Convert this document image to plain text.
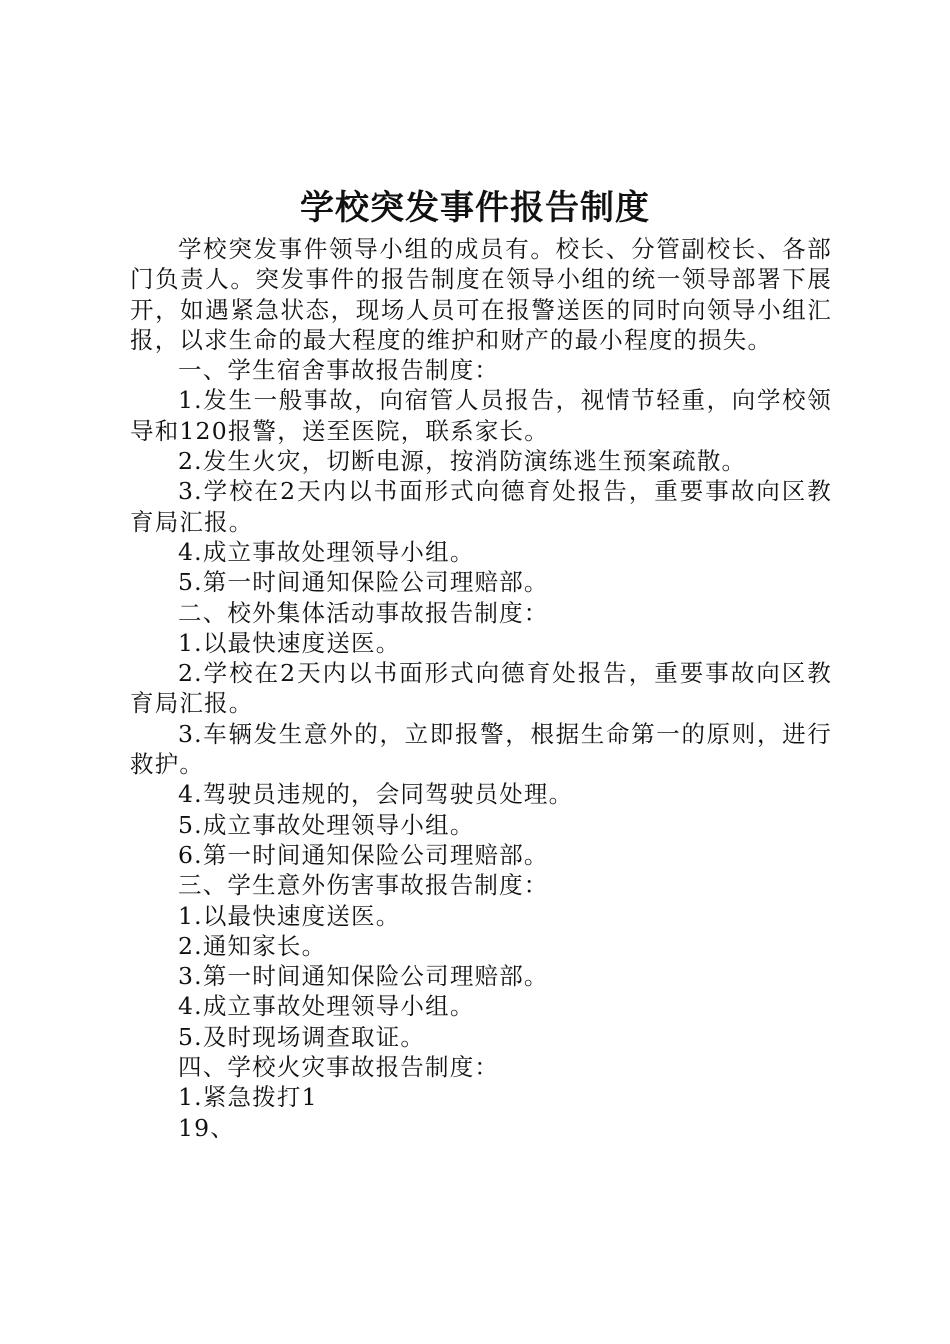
学校突发事件报告制度

学校突发事件领导小组的成员有。校长、分管副校长、各部门负责人。突发事件的报告制度在领导小组的统一领导部署下展开，如遇紧急状态，现场人员可在报警送医的同时向领导小组汇报，以求生命的最大程度的维护和财产的最小程度的损失。

一、学生宿舍事故报告制度：

1.发生一般事故，向宿管人员报告，视情节轻重，向学校领导和120报警，送至医院，联系家长。

2.发生火灾，切断电源，按消防演练逃生预案疏散。

3.学校在2天内以书面形式向德育处报告，重要事故向区教育局汇报。

4.成立事故处理领导小组。

5.第一时间通知保险公司理赔部。

二、校外集体活动事故报告制度：

1.以最快速度送医。

2.学校在2天内以书面形式向德育处报告，重要事故向区教育局汇报。

3.车辆发生意外的，立即报警，根据生命第一的原则，进行救护。

4.驾驶员违规的，会同驾驶员处理。

5.成立事故处理领导小组。

6.第一时间通知保险公司理赔部。

三、学生意外伤害事故报告制度：

1.以最快速度送医。

2.通知家长。

3.第一时间通知保险公司理赔部。

4.成立事故处理领导小组。

5.及时现场调查取证。

四、学校火灾事故报告制度：

1.紧急拨打1

19、
